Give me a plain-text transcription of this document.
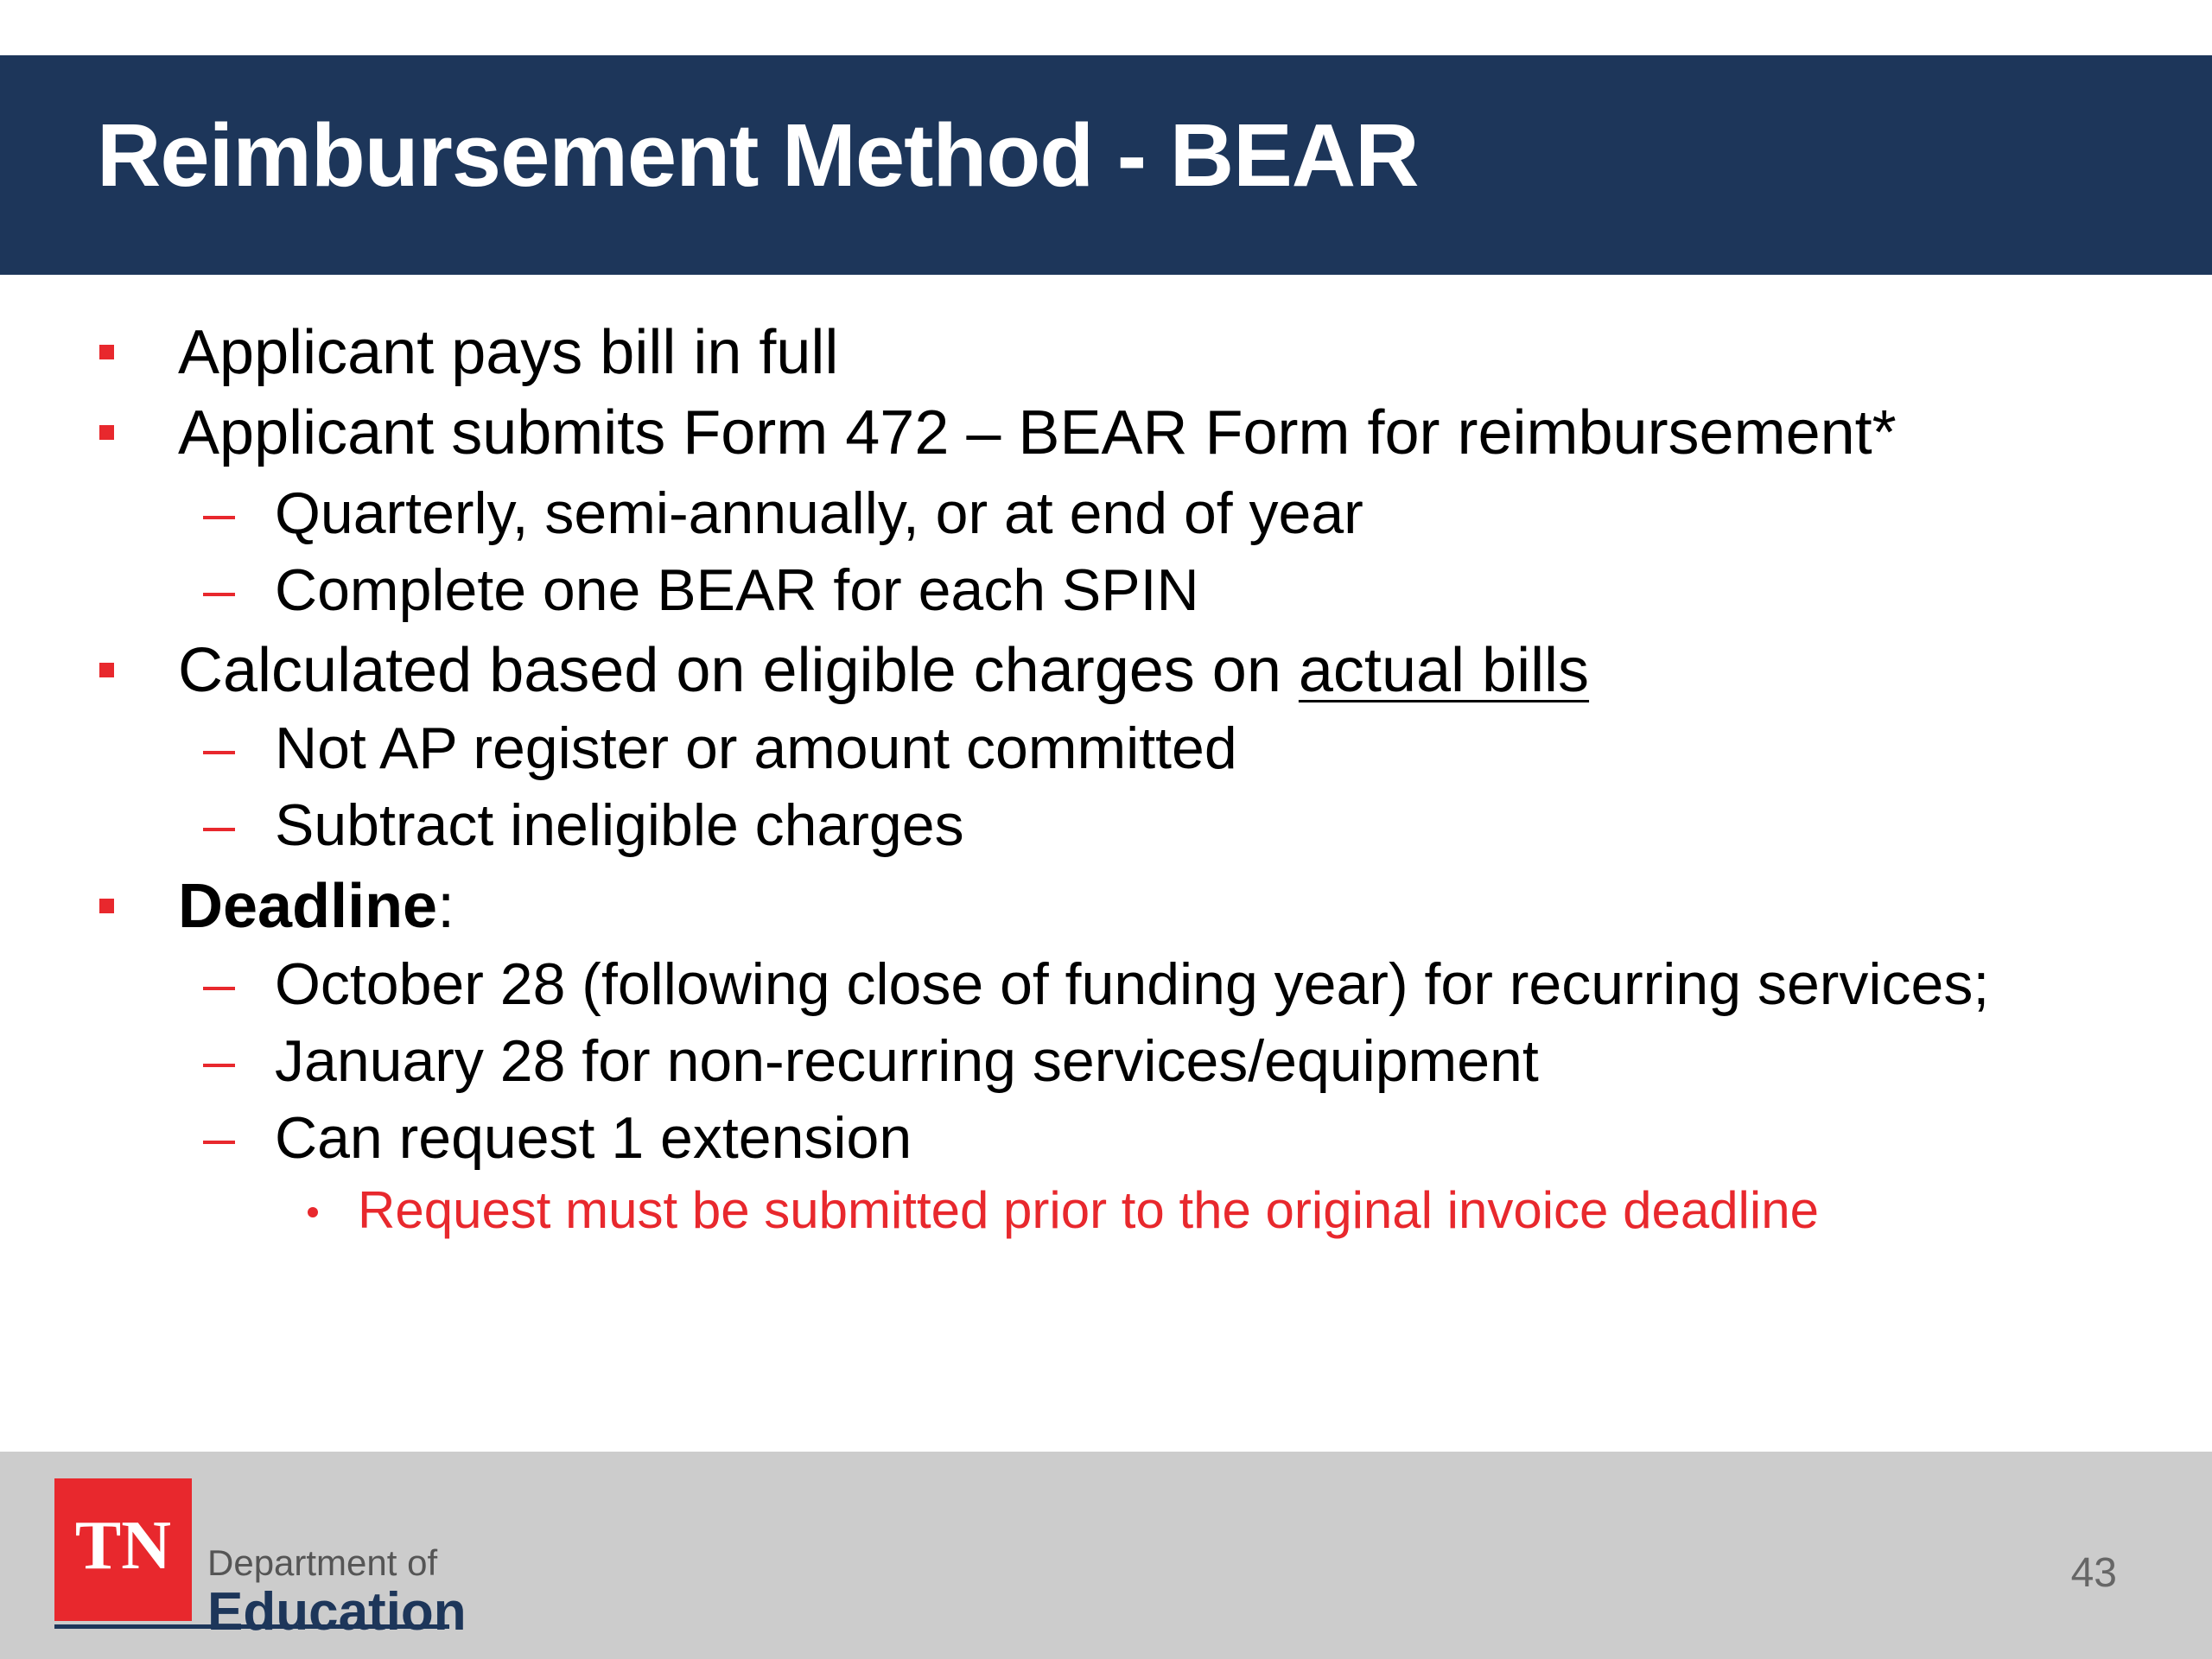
Reimbursement Method - BEAR
Applicant pays bill in full
Applicant submits Form 472 – BEAR Form for reimbursement*
Quarterly, semi-annually, or at end of year
Complete one BEAR for each SPIN
Calculated based on eligible charges on actual bills
Not AP register or amount committed
Subtract ineligible charges
Deadline:
October 28 (following close of funding year) for recurring services;
January 28 for non-recurring services/equipment
Can request 1 extension
Request must be submitted prior to the original invoice deadline
TN Department of
Education
43
